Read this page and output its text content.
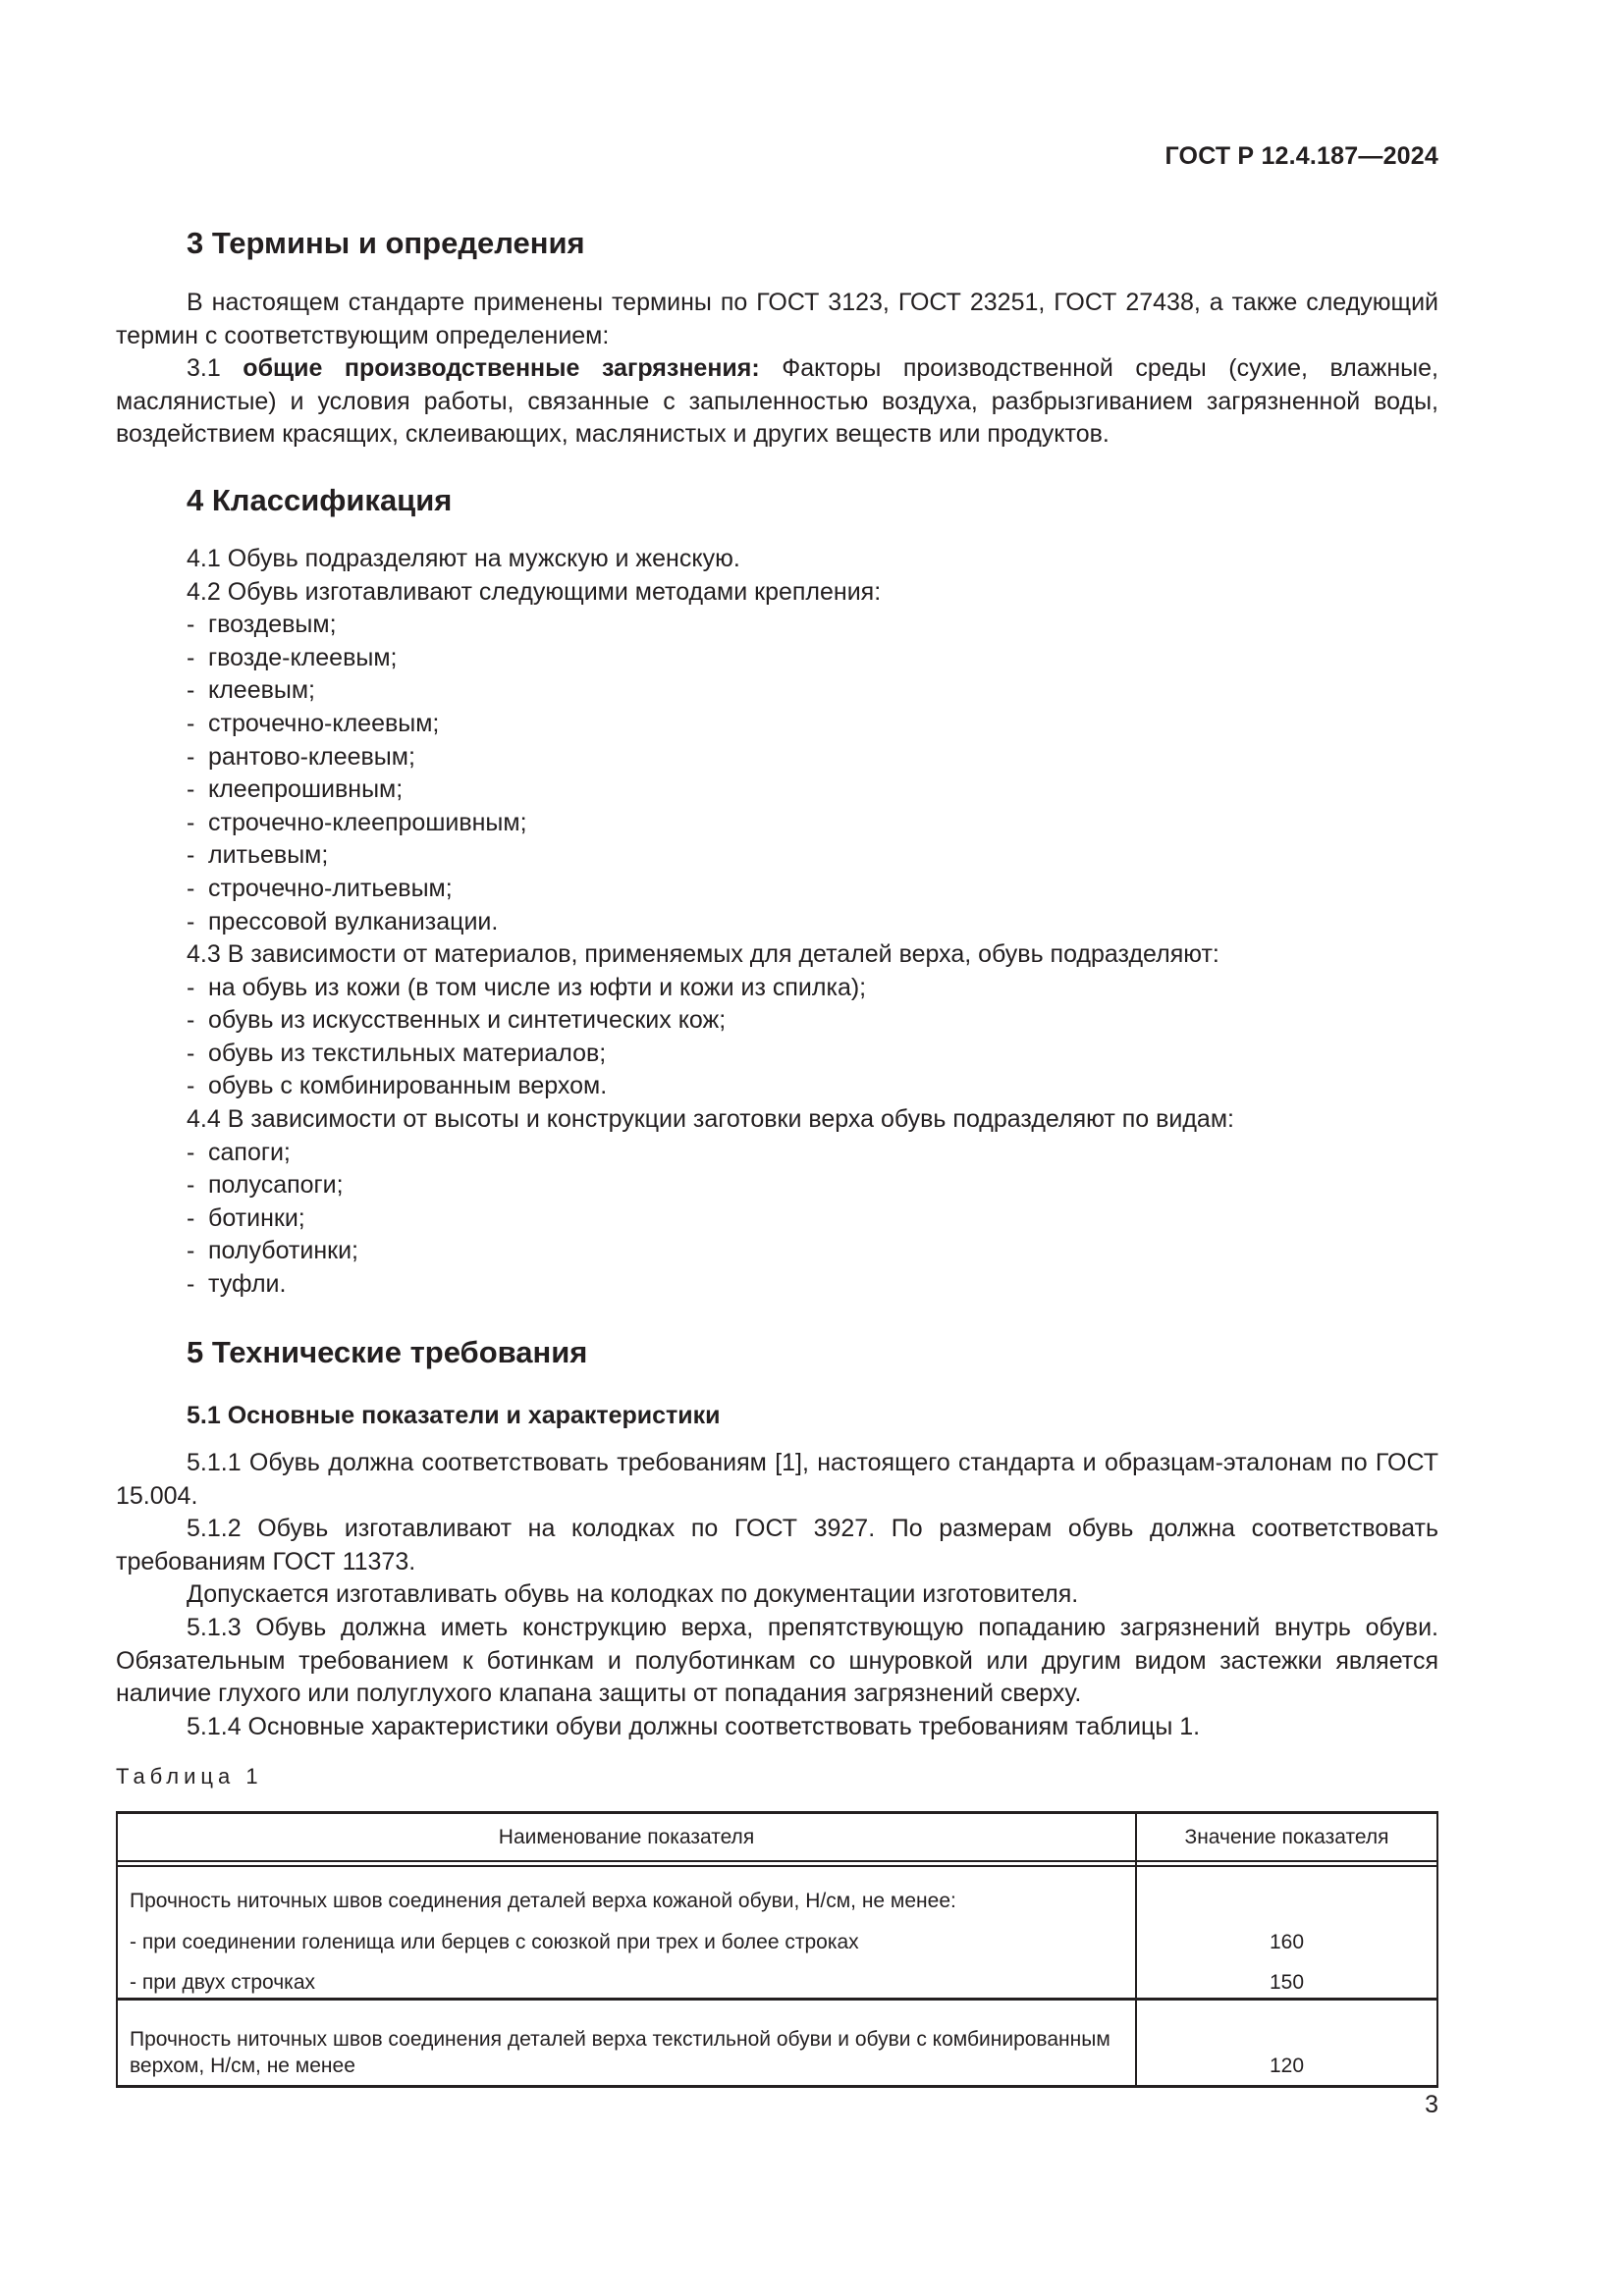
ГОСТ Р 12.4.187—2024
3 Термины и определения
В настоящем стандарте применены термины по ГОСТ 3123, ГОСТ 23251, ГОСТ 27438, а также следующий термин с соответствующим определением:
3.1 общие производственные загрязнения: Факторы производственной среды (сухие, влажные, маслянистые) и условия работы, связанные с запыленностью воздуха, разбрызгиванием загрязненной воды, воздействием красящих, склеивающих, маслянистых и других веществ или продуктов.
4 Классификация
4.1 Обувь подразделяют на мужскую и женскую.
4.2 Обувь изготавливают следующими методами крепления:
- гвоздевым;
- гвозде-клеевым;
- клеевым;
- строчечно-клеевым;
- рантово-клеевым;
- клеепрошивным;
- строчечно-клеепрошивным;
- литьевым;
- строчечно-литьевым;
- прессовой вулканизации.
4.3 В зависимости от материалов, применяемых для деталей верха, обувь подразделяют:
- на обувь из кожи (в том числе из юфти и кожи из спилка);
- обувь из искусственных и синтетических кож;
- обувь из текстильных материалов;
- обувь с комбинированным верхом.
4.4 В зависимости от высоты и конструкции заготовки верха обувь подразделяют по видам:
- сапоги;
- полусапоги;
- ботинки;
- полуботинки;
- туфли.
5 Технические требования
5.1 Основные показатели и характеристики
5.1.1 Обувь должна соответствовать требованиям [1], настоящего стандарта и образцам-эталонам по ГОСТ 15.004.
5.1.2 Обувь изготавливают на колодках по ГОСТ 3927. По размерам обувь должна соответствовать требованиям ГОСТ 11373.
Допускается изготавливать обувь на колодках по документации изготовителя.
5.1.3 Обувь должна иметь конструкцию верха, препятствующую попаданию загрязнений внутрь обуви. Обязательным требованием к ботинкам и полуботинкам со шнуровкой или другим видом застежки является наличие глухого или полуглухого клапана защиты от попадания загрязнений сверху.
5.1.4 Основные характеристики обуви должны соответствовать требованиям таблицы 1.
Таблица 1
Наименование показателя	Значение показателя

Прочность ниточных швов соединения деталей верха кожаной обуви, Н/см, не менее:	
- при соединении голенища или берцев с союзкой при трех и более строках	160
- при двух строчках	150
Прочность ниточных швов соединения деталей верха текстильной обуви и обуви с комбинированным верхом, Н/см, не менее	120
3
